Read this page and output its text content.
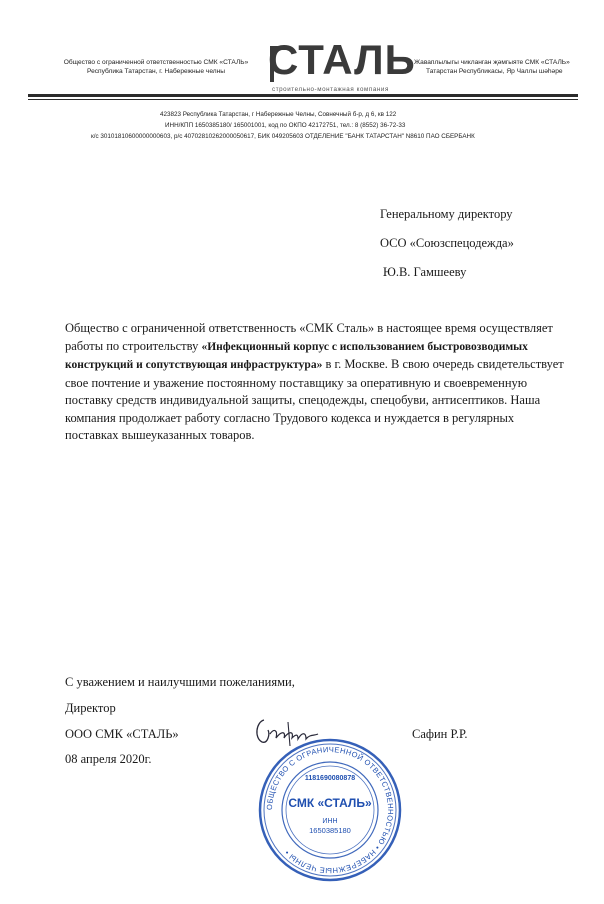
Общество с ограниченной ответственностью СМК «СТАЛЬ»
Республика Татарстан, г. Набережные челны	СТАЛЬ
строительно-монтажная компания
Жаваплылыгы чикланган җәмгыяте СМК «СТАЛЬ»
Татарстан Республикасы, Яр Чаллы шәһәре
423823 Республика Татарстан, г Набережные Челны, Совнечный б-р, д 6, кв 122
ИНН/КПП 1650385180/ 165001001, код по ОКПО 42172751, тел.: 8 (8552) 36-72-33
к/с 30101810600000000603, р/с 40702810262000050617, БИК 049205603 ОТДЕЛЕНИЕ "БАНК ТАТАРСТАН" N8610 ПАО СБЕРБАНК
Генеральному директору
ОСО «Союзспецодежда»
Ю.В. Гамшееву
Общество с ограниченной ответственность «СМК Сталь» в настоящее время осуществляет работы по строительству «Инфекционный корпус с использованием быстровозводимых конструкций и сопутствующая инфраструктура» в г. Москве. В свою очередь свидетельствует свое почтение и уважение постоянному поставщику за оперативную и своевременную поставку средств индивидуальной защиты, спецодежды, спецобуви, антисептиков. Наша компания продолжает работу согласно Трудового кодекса и нуждается в регулярных поставках вышеуказанных товаров.
С уважением и наилучшими пожеланиями,
Директор
ООО СМК «СТАЛЬ»	Сафин Р.Р.
08 апреля 2020г.
ОБЩЕСТВО С ОГРАНИЧЕННОЙ ОТВЕТСТВЕННОСТЬЮ • НАБЕРЕЖНЫЕ ЧЕЛНЫ •
1181690080878
СМК «СТАЛЬ»
ИНН
1650385180
